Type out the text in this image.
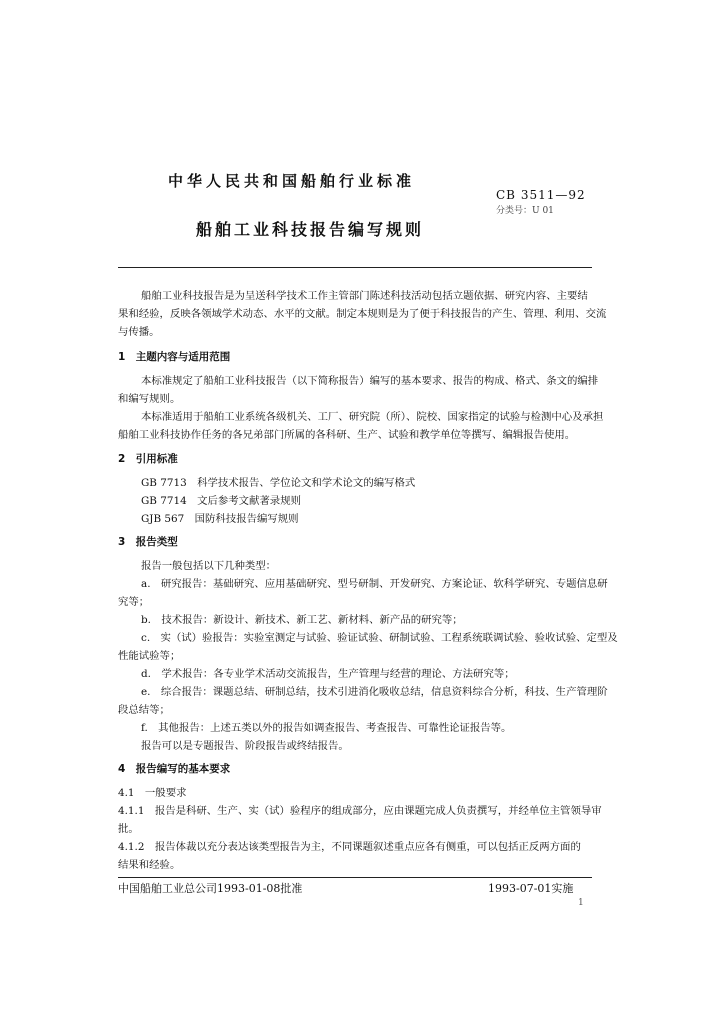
中华人民共和国船舶行业标准
CB 3511—92
分类号：U 01
船舶工业科技报告编写规则
船舶工业科技报告是为呈送科学技术工作主管部门陈述科技活动包括立题依据、研究内容、主要结
果和经验，反映各领域学术动态、水平的文献。制定本规则是为了便于科技报告的产生、管理、利用、交流
与传播。
1　主题内容与适用范围
本标准规定了船舶工业科技报告（以下简称报告）编写的基本要求、报告的构成、格式、条文的编排
和编写规则。
本标准适用于船舶工业系统各级机关、工厂、研究院（所）、院校、国家指定的试验与检测中心及承担
船舶工业科技协作任务的各兄弟部门所属的各科研、生产、试验和教学单位等撰写、编辑报告使用。
2　引用标准
GB 7713　科学技术报告、学位论文和学术论文的编写格式
GB 7714　文后参考文献著录规则
GJB 567　国防科技报告编写规则
3　报告类型
报告一般包括以下几种类型：
a.　研究报告：基础研究、应用基础研究、型号研制、开发研究、方案论证、软科学研究、专题信息研
究等；
b.　技术报告：新设计、新技术、新工艺、新材料、新产品的研究等；
c.　实（试）验报告：实验室测定与试验、验证试验、研制试验、工程系统联调试验、验收试验、定型及
性能试验等；
d.　学术报告：各专业学术活动交流报告，生产管理与经营的理论、方法研究等；
e.　综合报告：课题总结、研制总结，技术引进消化吸收总结，信息资料综合分析，科技、生产管理阶
段总结等；
f.　其他报告：上述五类以外的报告如调查报告、考查报告、可靠性论证报告等。
报告可以是专题报告、阶段报告或终结报告。
4　报告编写的基本要求
4.1　一般要求
4.1.1　报告是科研、生产、实（试）验程序的组成部分，应由课题完成人负责撰写，并经单位主管领导审
批。
4.1.2　报告体裁以充分表达该类型报告为主，不同课题叙述重点应各有侧重，可以包括正反两方面的
结果和经验。
中国船舶工业总公司1993-01-08批准	1993-07-01实施
1
